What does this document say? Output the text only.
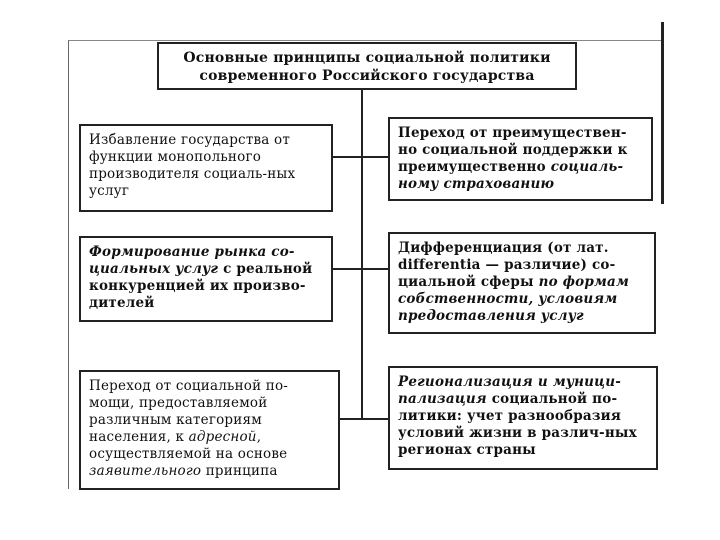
Основные принципы социальной политики
современного Российского государства
Избавление государства от функции монопольного производителя социаль-ных услуг
Формирование рынка со-циальных услуг с реальной конкуренцией их произво-дителей
Переход от социальной по-мощи, предоставляемой различным категориям населения, к адресной, осуществляемой на основе заявительного принципа
Переход от преимуществен-но социальной поддержки к преимущественно социаль-ному страхованию
Дифференциация (от лат. differentia — различие) со-циальной сферы по формам собственности, условиям предоставления услуг
Регионализация и муници-пализация социальной по-литики: учет разнообразия условий жизни в различ-ных регионах страны
